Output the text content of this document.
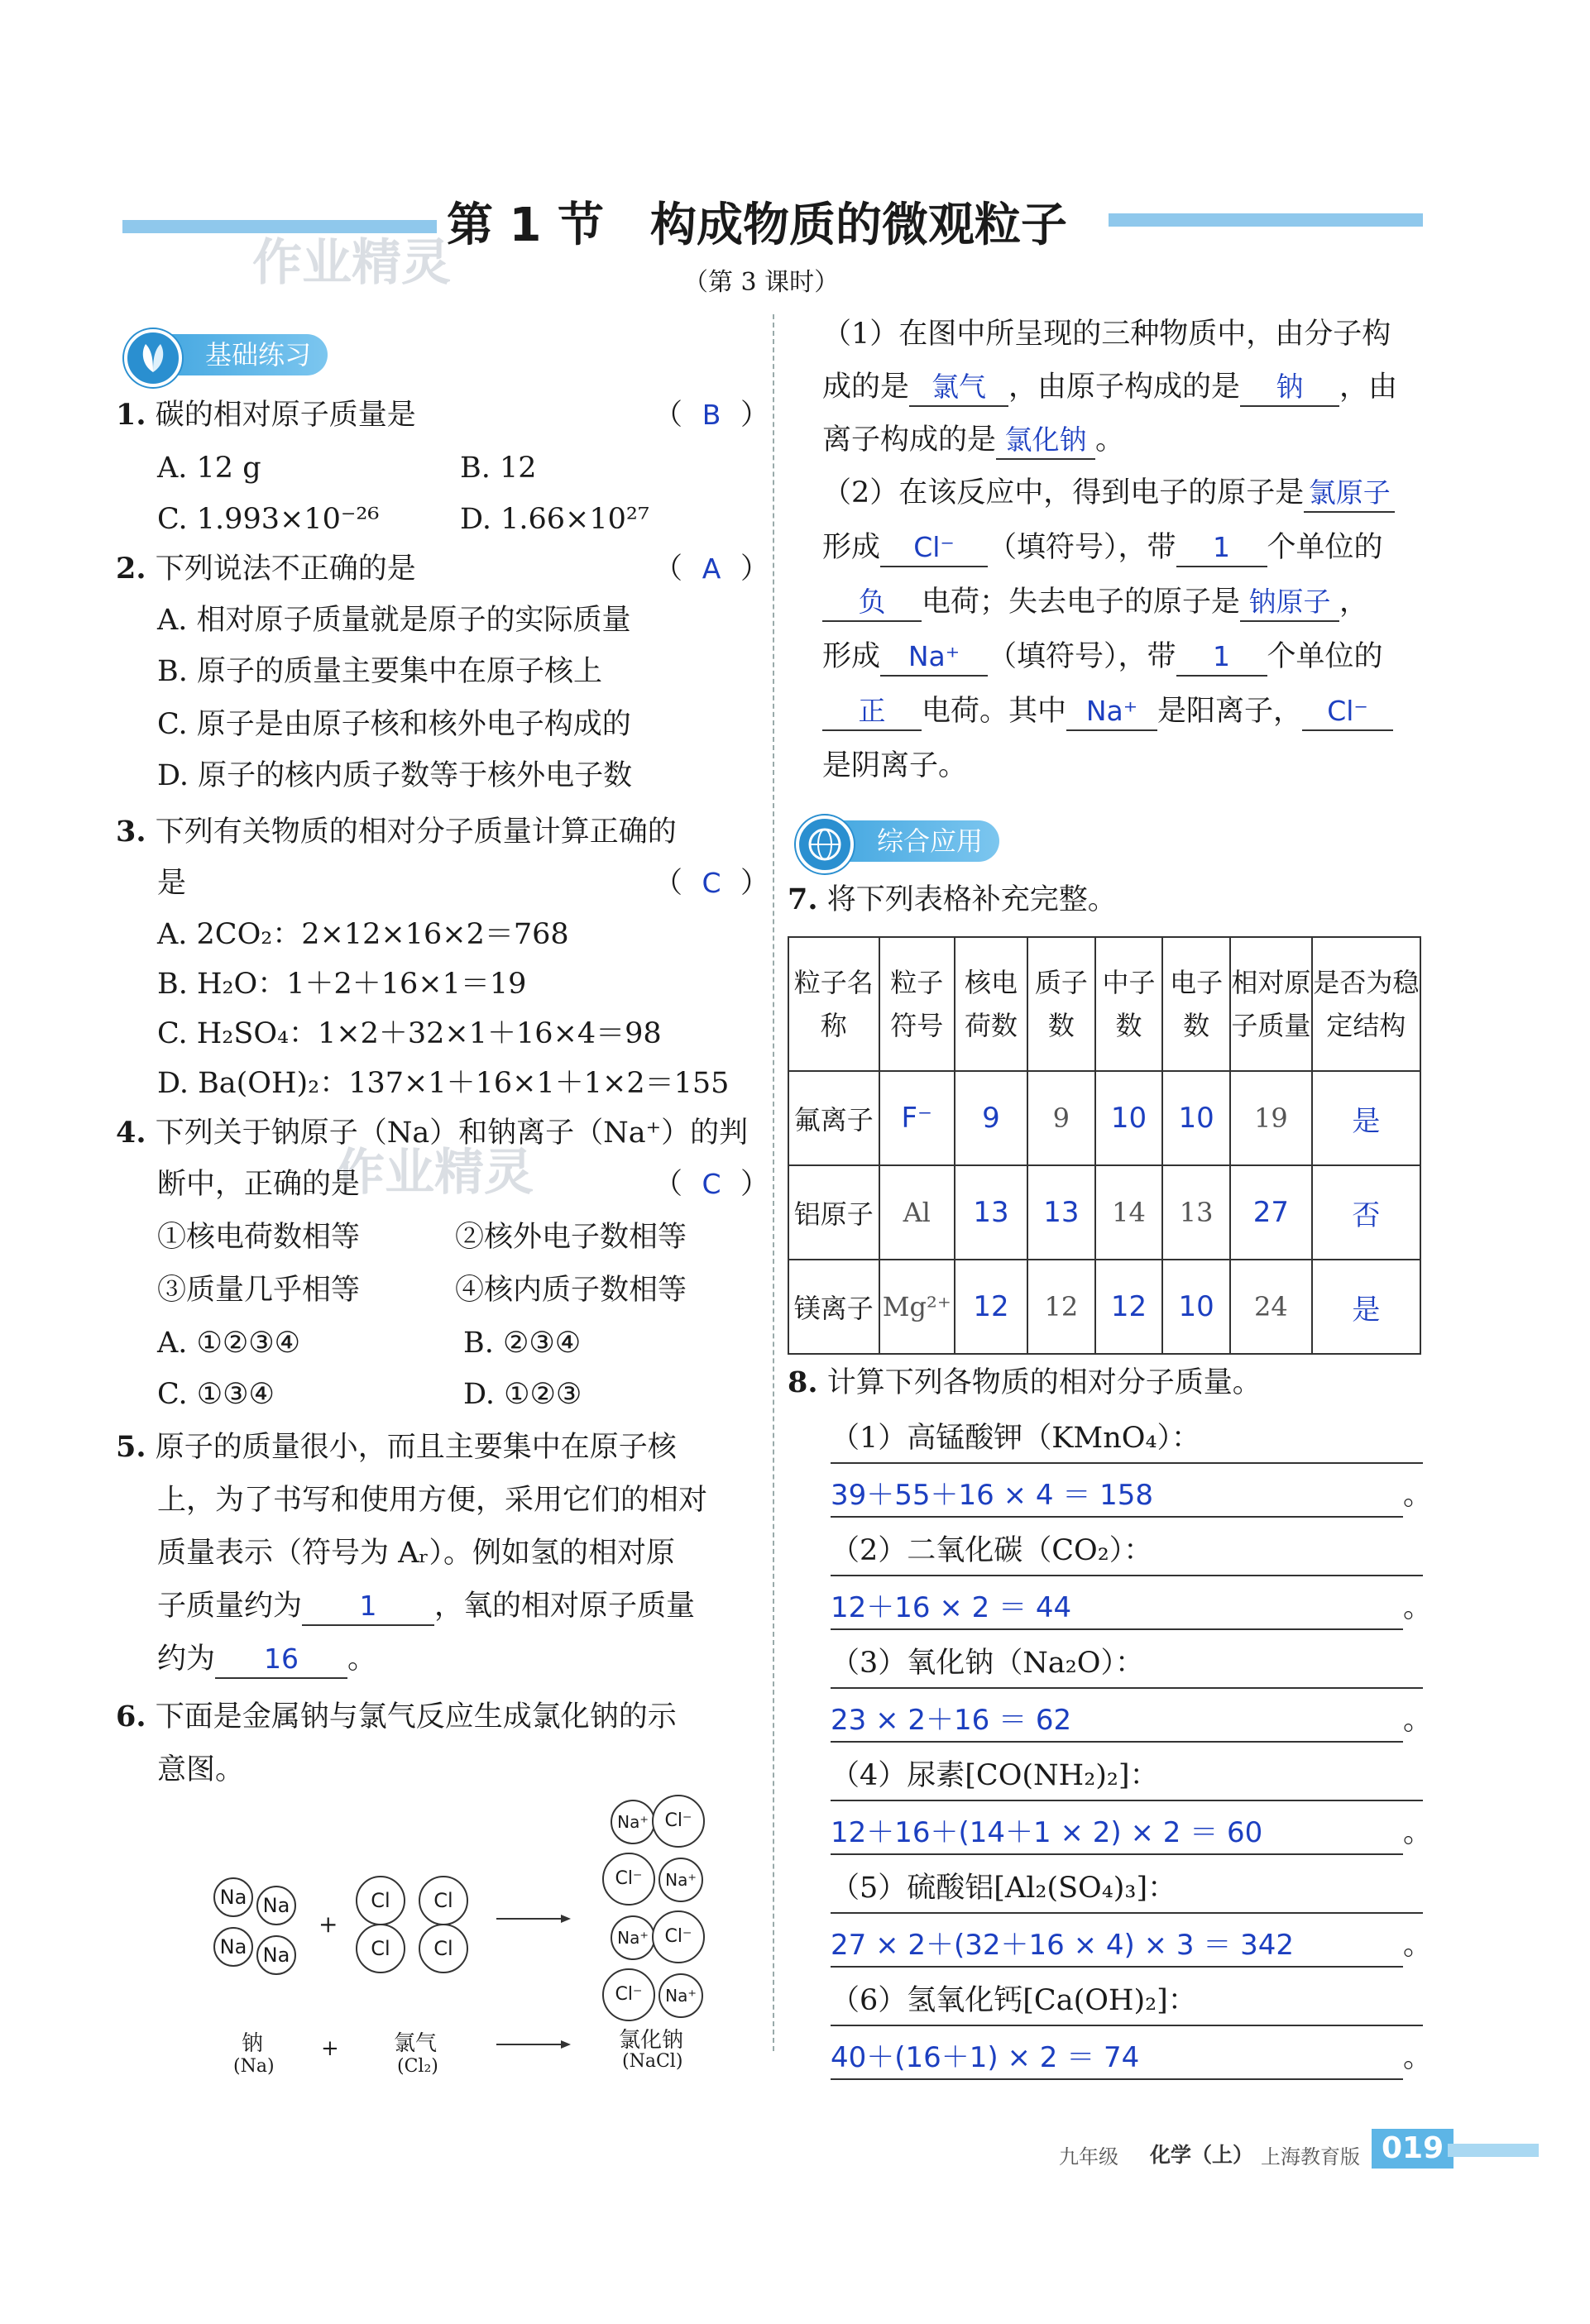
作业精灵
第 1 节　构成物质的微观粒子
（第 3 课时）
基础练习
1. 碳的相对原子质量是	（ B ）
A. 12 g	B. 12
C. 1.993×10⁻²⁶	D. 1.66×10²⁷
2. 下列说法不正确的是	（ A ）
A. 相对原子质量就是原子的实际质量
B. 原子的质量主要集中在原子核上
C. 原子是由原子核和核外电子构成的
D. 原子的核内质子数等于核外电子数
3. 下列有关物质的相对分子质量计算正确的
是	（ C ）
A. 2CO₂：2×12×16×2＝768
B. H₂O：1＋2＋16×1＝19
C. H₂SO₄：1×2＋32×1＋16×4＝98
D. Ba(OH)₂：137×1＋16×1＋1×2＝155
4. 下列关于钠原子（Na）和钠离子（Na⁺）的判
作业精灵
断中，正确的是	（ C ）
①核电荷数相等	②核外电子数相等
③质量几乎相等	④核内质子数相等
A. ①②③④	B. ②③④
C. ①③④	D. ①②③
5. 原子的质量很小，而且主要集中在原子核
上，为了书写和使用方便，采用它们的相对
质量表示（符号为 Aᵣ）。例如氢的相对原
子质量约为 1 ，氧的相对原子质量
约为 16 。
6. 下面是金属钠与氯气反应生成氯化钠的示
意图。
Na Na
Na Na
+
Cl
Cl
Cl
Cl
Na⁺ Cl⁻
Cl⁻	Na⁺
Na⁺ Cl⁻
Cl⁻	Na⁺
钠
(Na)
+	氯气
(Cl₂)
氯化钠
(NaCl)
（1）在图中所呈现的三种物质中，由分子构
成的是 氯气 ，由原子构成的是 钠 ，由
离子构成的是 氯化钠 。
（2）在该反应中，得到电子的原子是 氯原子
形成 Cl⁻ （填符号），带 1 个单位的
负 电荷；失去电子的原子是 钠原子 ，
形成 Na⁺ （填符号），带 1 个单位的
正 电荷。其中 Na⁺ 是阳离子， Cl⁻
是阴离子。
综合应用
7. 将下列表格补充完整。
粒子名称	粒子符号	核电荷数	质子数	中子数	电子数	相对原子质量	是否为稳定结构
氟离子	F⁻	9	9	10	10	19	是
铝原子	Al	13	13	14	13	27	否
镁离子	Mg²⁺	12	12	12	10	24	是
8. 计算下列各物质的相对分子质量。
（1）高锰酸钾（KMnO₄）：
39＋55＋16 × 4 ＝ 158	。
（2）二氧化碳（CO₂）：
12＋16 × 2 ＝ 44	。
（3）氧化钠（Na₂O）：
23 × 2＋16 ＝ 62	。
（4）尿素[CO(NH₂)₂]：
12＋16＋(14＋1 × 2) × 2 ＝ 60	。
（5）硫酸铝[Al₂(SO₄)₃]：
27 × 2＋(32＋16 × 4) × 3 ＝ 342	。
（6）氢氧化钙[Ca(OH)₂]：
40＋(16＋1) × 2 ＝ 74	。
九年级 化学（上） 上海教育版 019
